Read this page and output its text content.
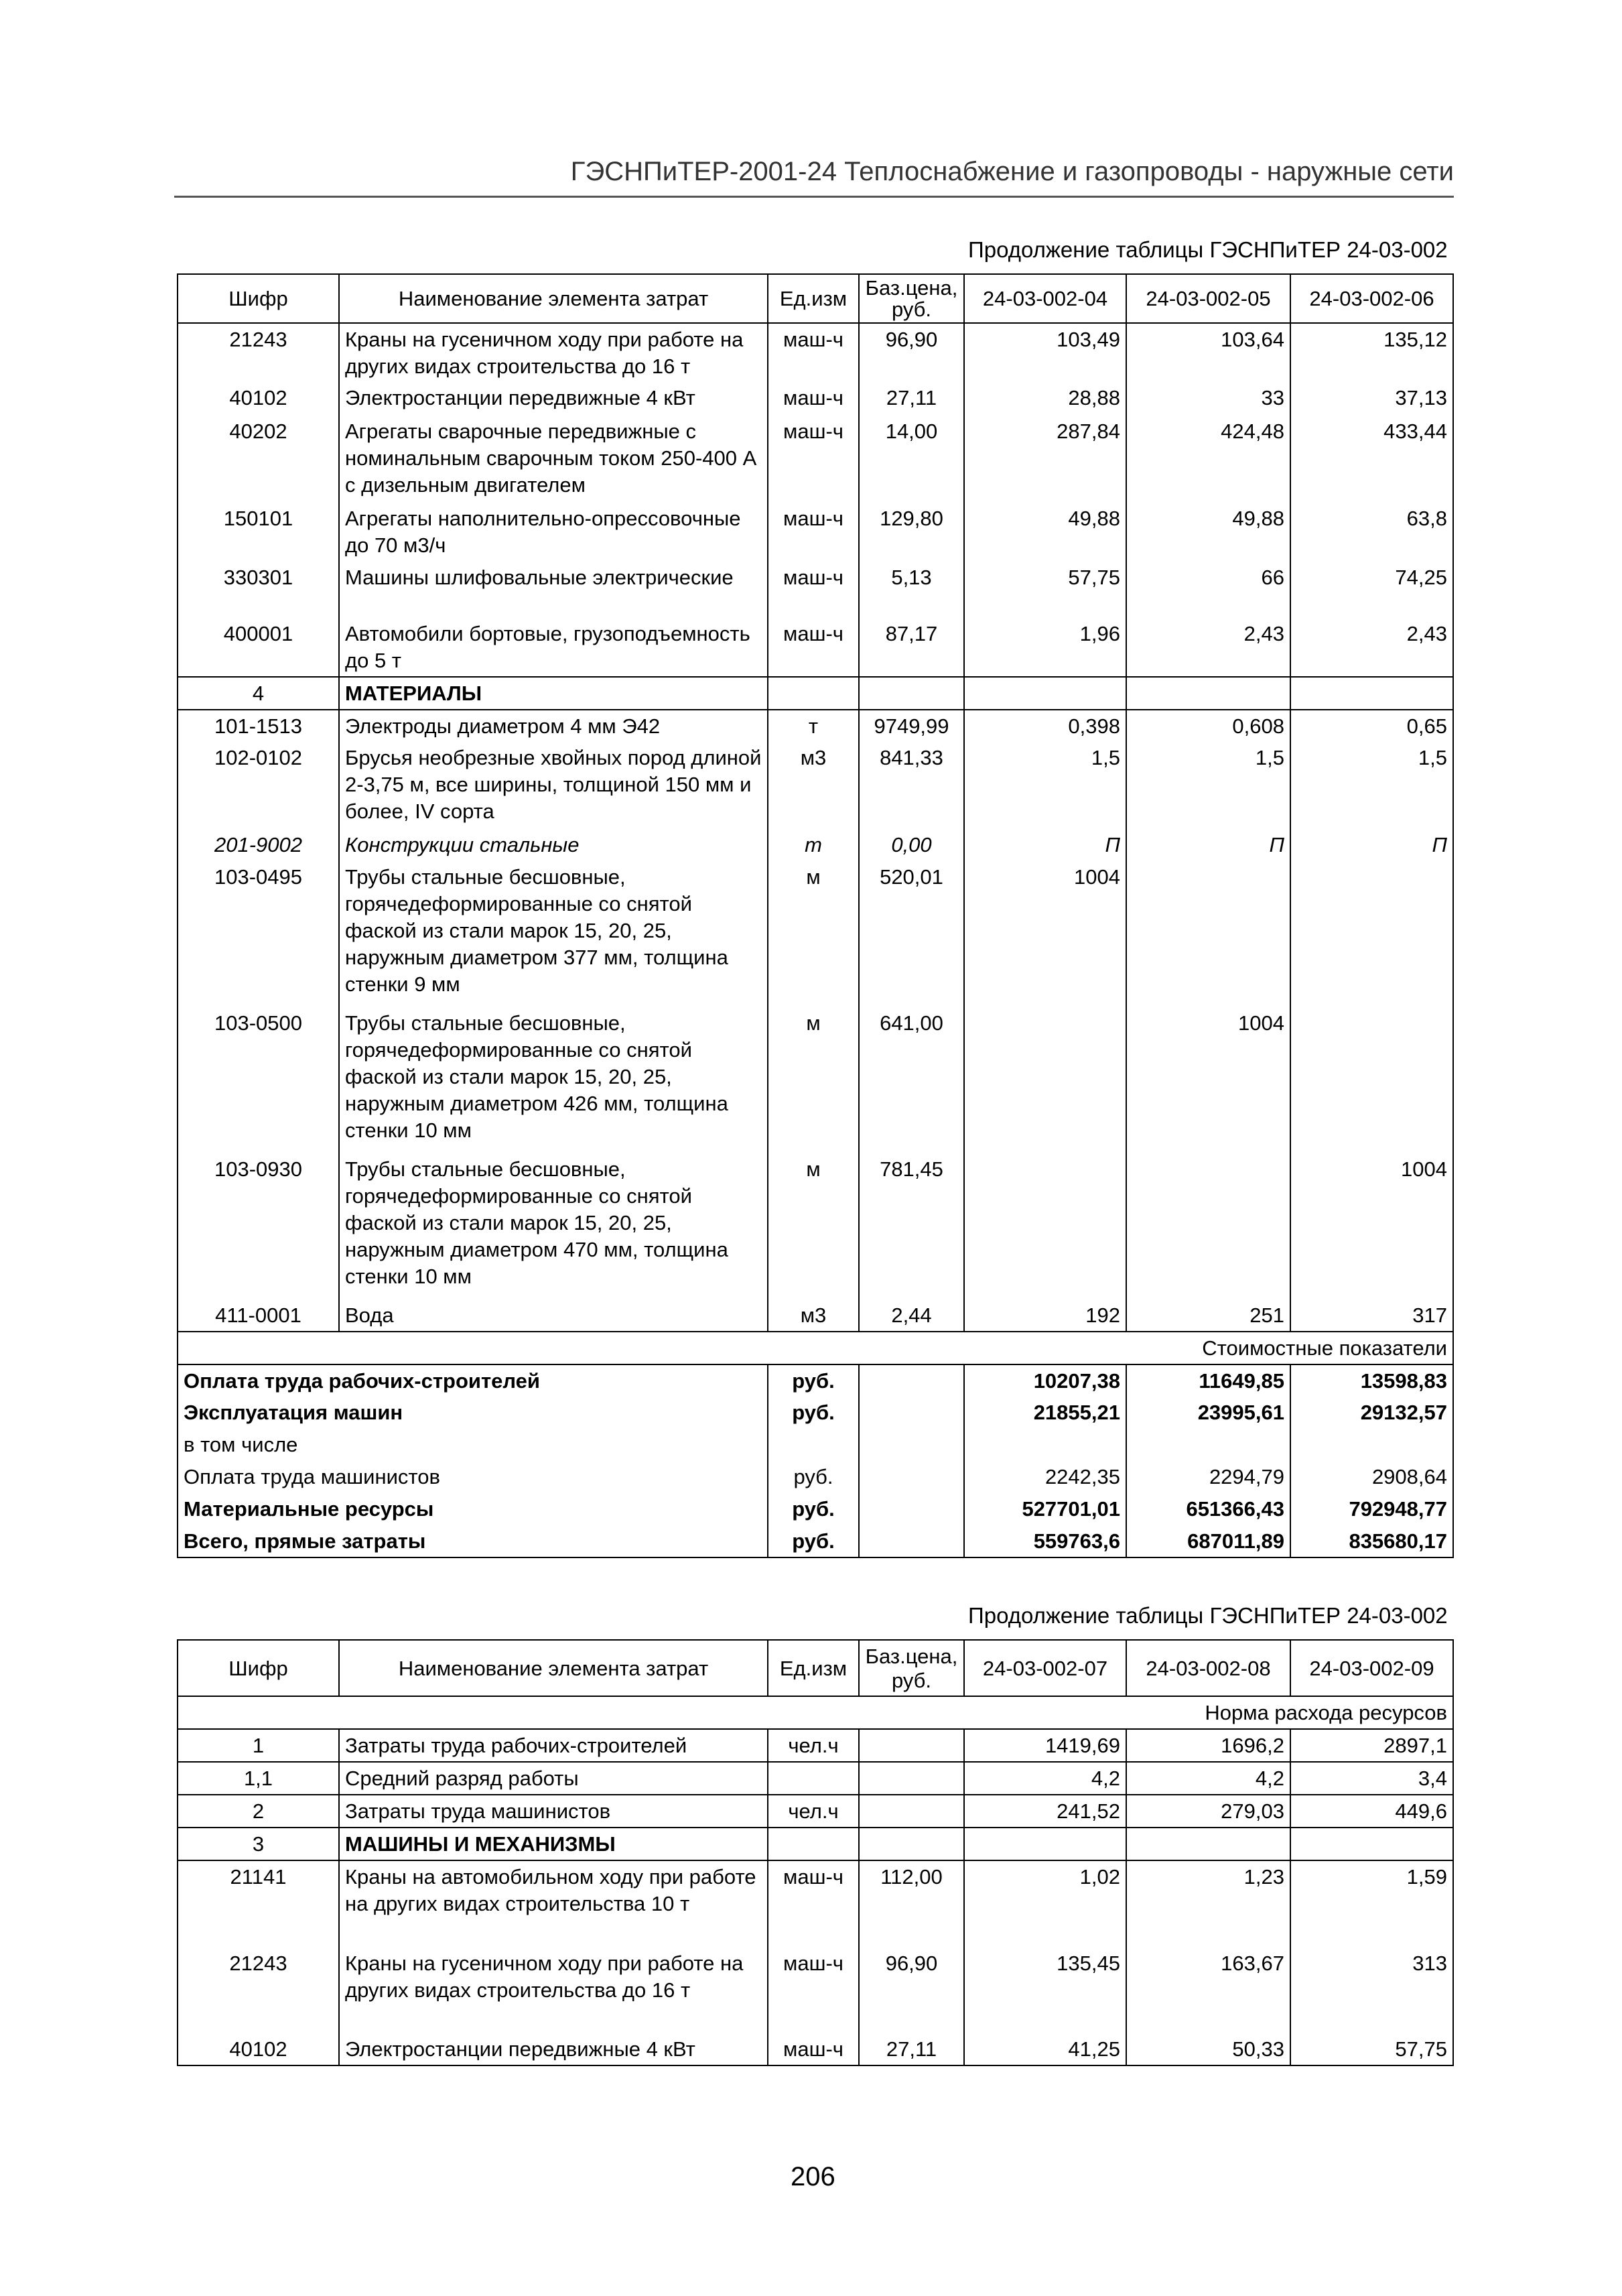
ГЭСНПиТЕР-2001-24 Теплоснабжение и газопроводы - наружные сети
Продолжение таблицы ГЭСНПиТЕР 24-03-002
Шифр	Наименование элемента затрат	Ед.изм	Баз.цена, руб.	24-03-002-04	24-03-002-05	24-03-002-06
21243	Краны на гусеничном ходу при работе на других видах строительства до 16 т	маш-ч	96,90	103,49	103,64	135,12
40102	Электростанции передвижные 4 кВт	маш-ч	27,11	28,88	33	37,13
40202	Агрегаты сварочные передвижные с номинальным сварочным током 250-400 А с дизельным двигателем	маш-ч	14,00	287,84	424,48	433,44
150101	Агрегаты наполнительно-опрессовочные до 70 м3/ч	маш-ч	129,80	49,88	49,88	63,8
330301	Машины шлифовальные электрические	маш-ч	5,13	57,75	66	74,25
400001	Автомобили бортовые, грузоподъемность до 5 т	маш-ч	87,17	1,96	2,43	2,43
4	МАТЕРИАЛЫ					
101-1513	Электроды диаметром 4 мм Э42	т	9749,99	0,398	0,608	0,65
102-0102	Брусья необрезные хвойных пород длиной 2-3,75 м, все ширины, толщиной 150 мм и более, IV сорта	м3	841,33	1,5	1,5	1,5
201-9002	Конструкции стальные	т	0,00	П	П	П
103-0495	Трубы стальные бесшовные, горячедеформированные со снятой фаской из стали марок 15, 20, 25, наружным диаметром 377 мм, толщина стенки 9 мм	м	520,01	1004		
103-0500	Трубы стальные бесшовные, горячедеформированные со снятой фаской из стали марок 15, 20, 25, наружным диаметром 426 мм, толщина стенки 10 мм	м	641,00		1004	
103-0930	Трубы стальные бесшовные, горячедеформированные со снятой фаской из стали марок 15, 20, 25, наружным диаметром 470 мм, толщина стенки 10 мм	м	781,45			1004
411-0001	Вода	м3	2,44	192	251	317
Стоимостные показатели						
Оплата труда рабочих-строителей		руб.		10207,38	11649,85	13598,83
Эксплуатация машин		руб.		21855,21	23995,61	29132,57
в том числе						
Оплата труда машинистов		руб.		2242,35	2294,79	2908,64
Материальные ресурсы		руб.		527701,01	651366,43	792948,77
Всего, прямые затраты		руб.		559763,6	687011,89	835680,17
Продолжение таблицы ГЭСНПиТЕР 24-03-002
Шифр	Наименование элемента затрат	Ед.изм	Баз.цена, руб.	24-03-002-07	24-03-002-08	24-03-002-09
Норма расхода ресурсов						
1	Затраты труда рабочих-строителей	чел.ч		1419,69	1696,2	2897,1
1,1	Средний разряд работы			4,2	4,2	3,4
2	Затраты труда машинистов	чел.ч		241,52	279,03	449,6
3	МАШИНЫ И МЕХАНИЗМЫ					
21141	Краны на автомобильном ходу при работе на других видах строительства 10 т	маш-ч	112,00	1,02	1,23	1,59
21243	Краны на гусеничном ходу при работе на других видах строительства до 16 т	маш-ч	96,90	135,45	163,67	313
40102	Электростанции передвижные 4 кВт	маш-ч	27,11	41,25	50,33	57,75
206
